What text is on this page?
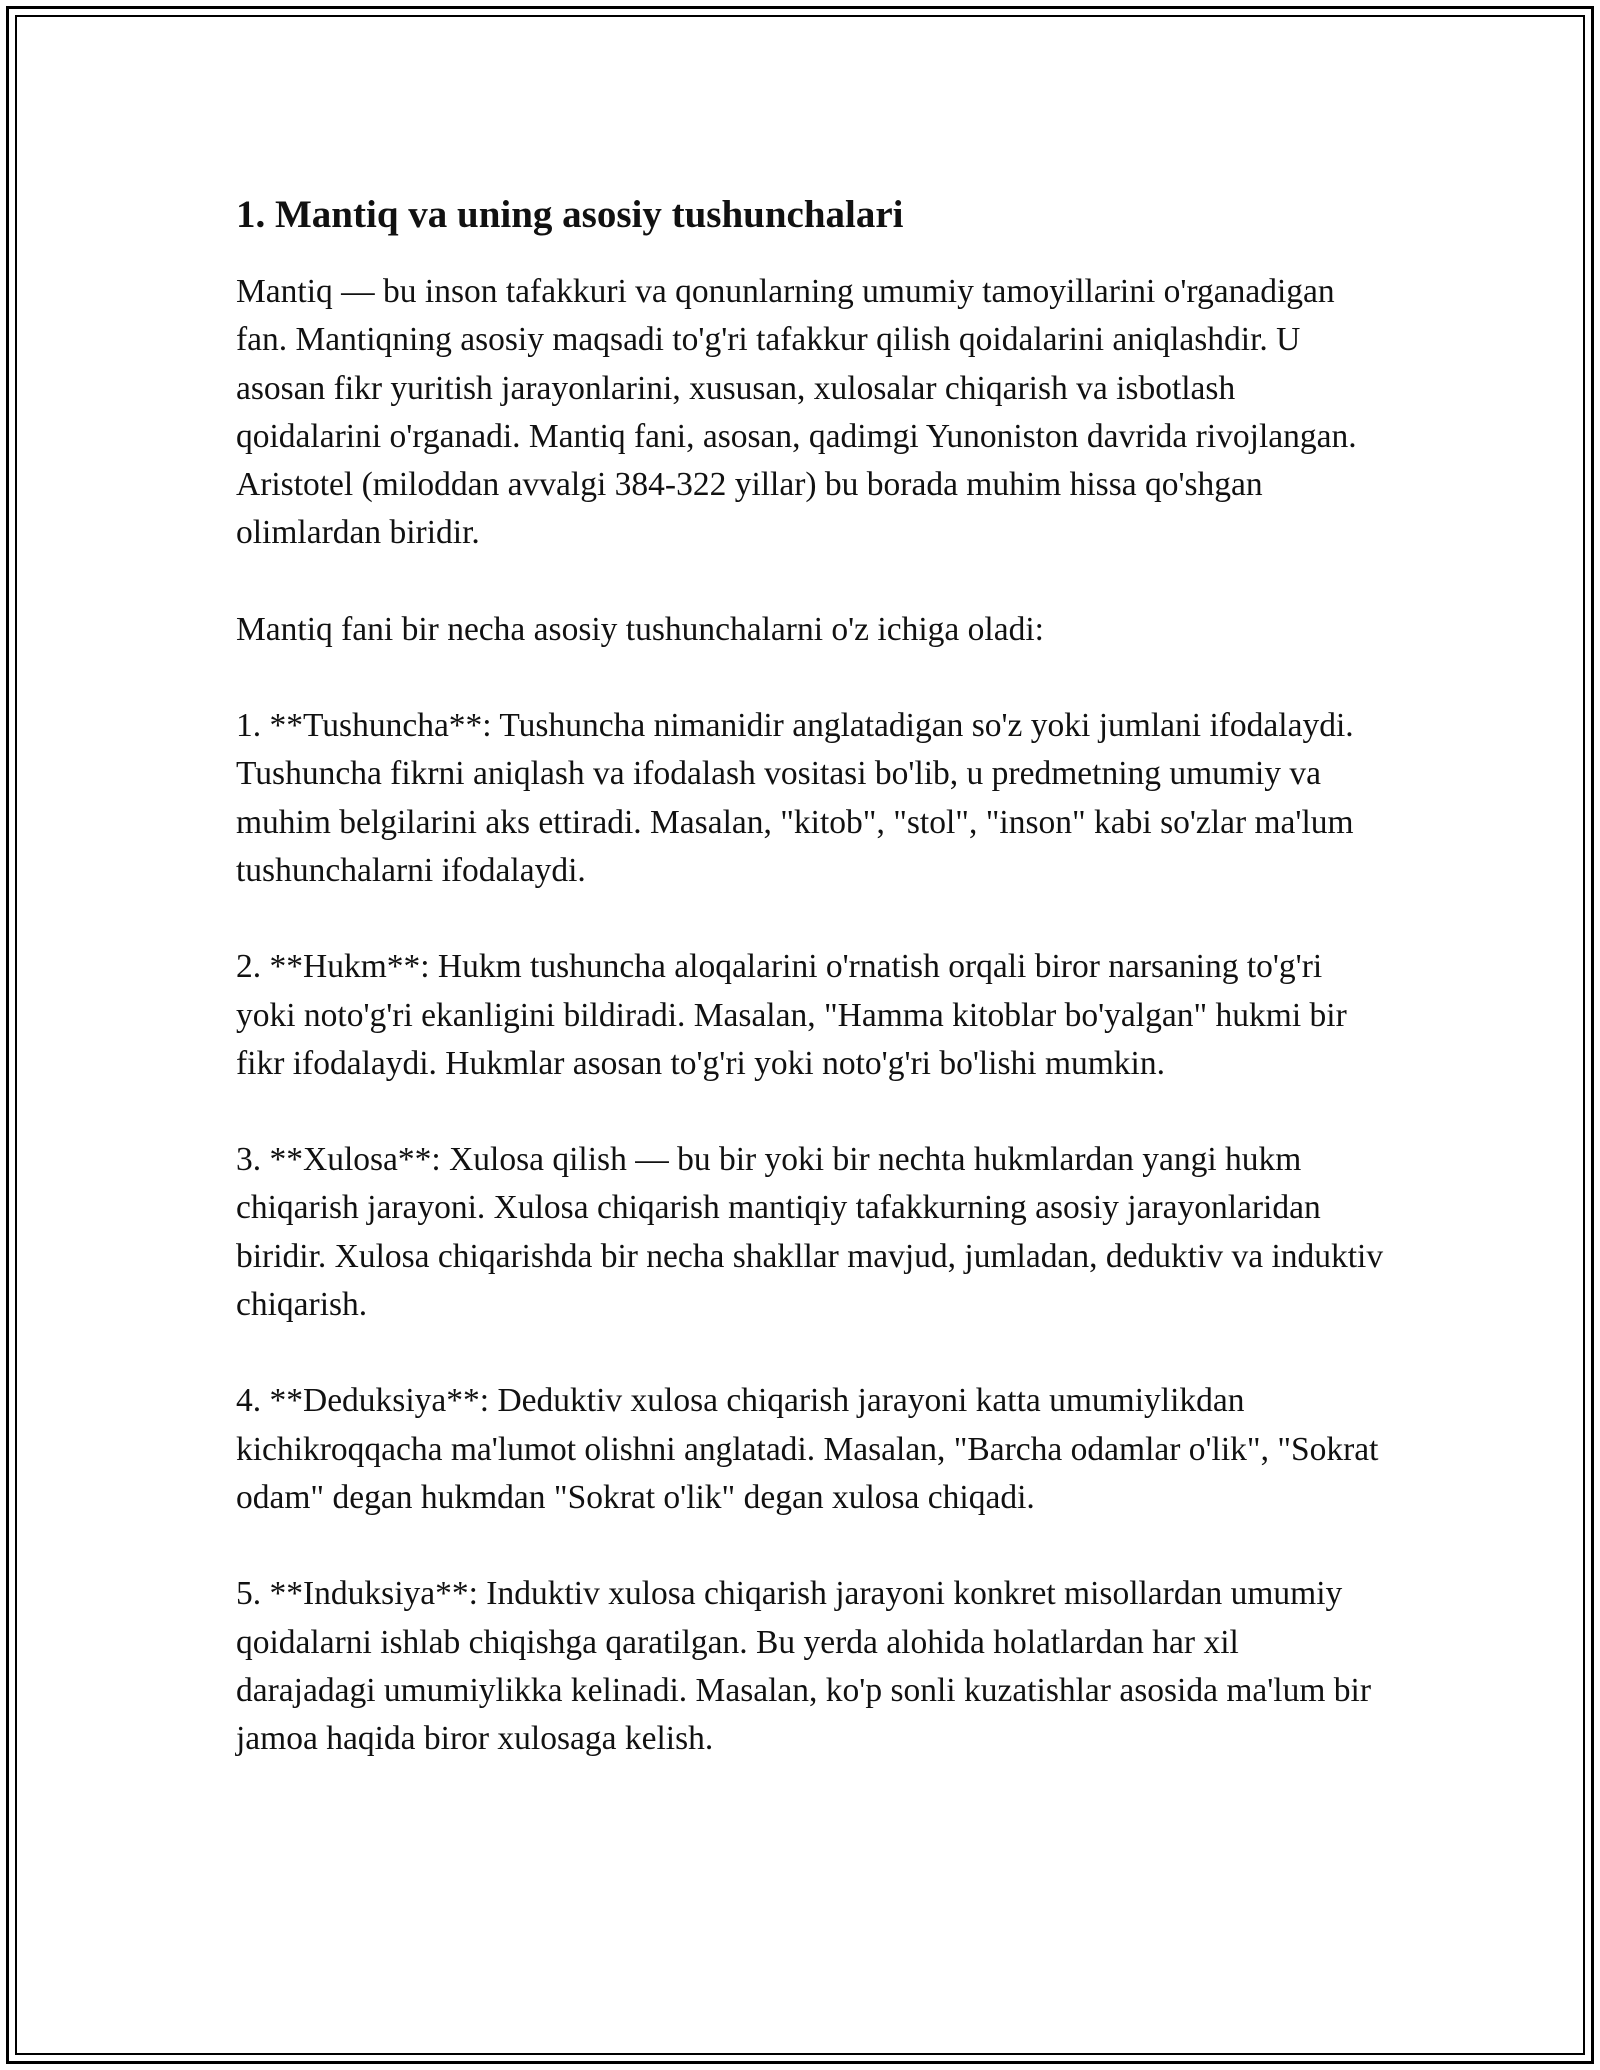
1. Mantiq va uning asosiy tushunchalari

Mantiq — bu inson tafakkuri va qonunlarning umumiy tamoyillarini o'rganadigan fan. Mantiqning asosiy maqsadi to'g'ri tafakkur qilish qoidalarini aniqlashdir. U asosan fikr yuritish jarayonlarini, xususan, xulosalar chiqarish va isbotlash qoidalarini o'rganadi. Mantiq fani, asosan, qadimgi Yunoniston davrida rivojlangan. Aristotel (miloddan avvalgi 384-322 yillar) bu borada muhim hissa qo'shgan olimlardan biridir.

Mantiq fani bir necha asosiy tushunchalarni o'z ichiga oladi:

1. **Tushuncha**: Tushuncha nimanidir anglatadigan so'z yoki jumlani ifodalaydi. Tushuncha fikrni aniqlash va ifodalash vositasi bo'lib, u predmetning umumiy va muhim belgilarini aks ettiradi. Masalan, "kitob", "stol", "inson" kabi so'zlar ma'lum tushunchalarni ifodalaydi.

2. **Hukm**: Hukm tushuncha aloqalarini o'rnatish orqali biror narsaning to'g'ri yoki noto'g'ri ekanligini bildiradi. Masalan, "Hamma kitoblar bo'yalgan" hukmi bir fikr ifodalaydi. Hukmlar asosan to'g'ri yoki noto'g'ri bo'lishi mumkin.

3. **Xulosa**: Xulosa qilish — bu bir yoki bir nechta hukmlardan yangi hukm chiqarish jarayoni. Xulosa chiqarish mantiqiy tafakkurning asosiy jarayonlaridan biridir. Xulosa chiqarishda bir necha shakllar mavjud, jumladan, deduktiv va induktiv chiqarish.

4. **Deduksiya**: Deduktiv xulosa chiqarish jarayoni katta umumiylikdan kichikroqqacha ma'lumot olishni anglatadi. Masalan, "Barcha odamlar o'lik", "Sokrat odam" degan hukmdan "Sokrat o'lik" degan xulosa chiqadi.

5. **Induksiya**: Induktiv xulosa chiqarish jarayoni konkret misollardan umumiy qoidalarni ishlab chiqishga qaratilgan. Bu yerda alohida holatlardan har xil darajadagi umumiylikka kelinadi. Masalan, ko'p sonli kuzatishlar asosida ma'lum bir jamoa haqida biror xulosaga kelish.
